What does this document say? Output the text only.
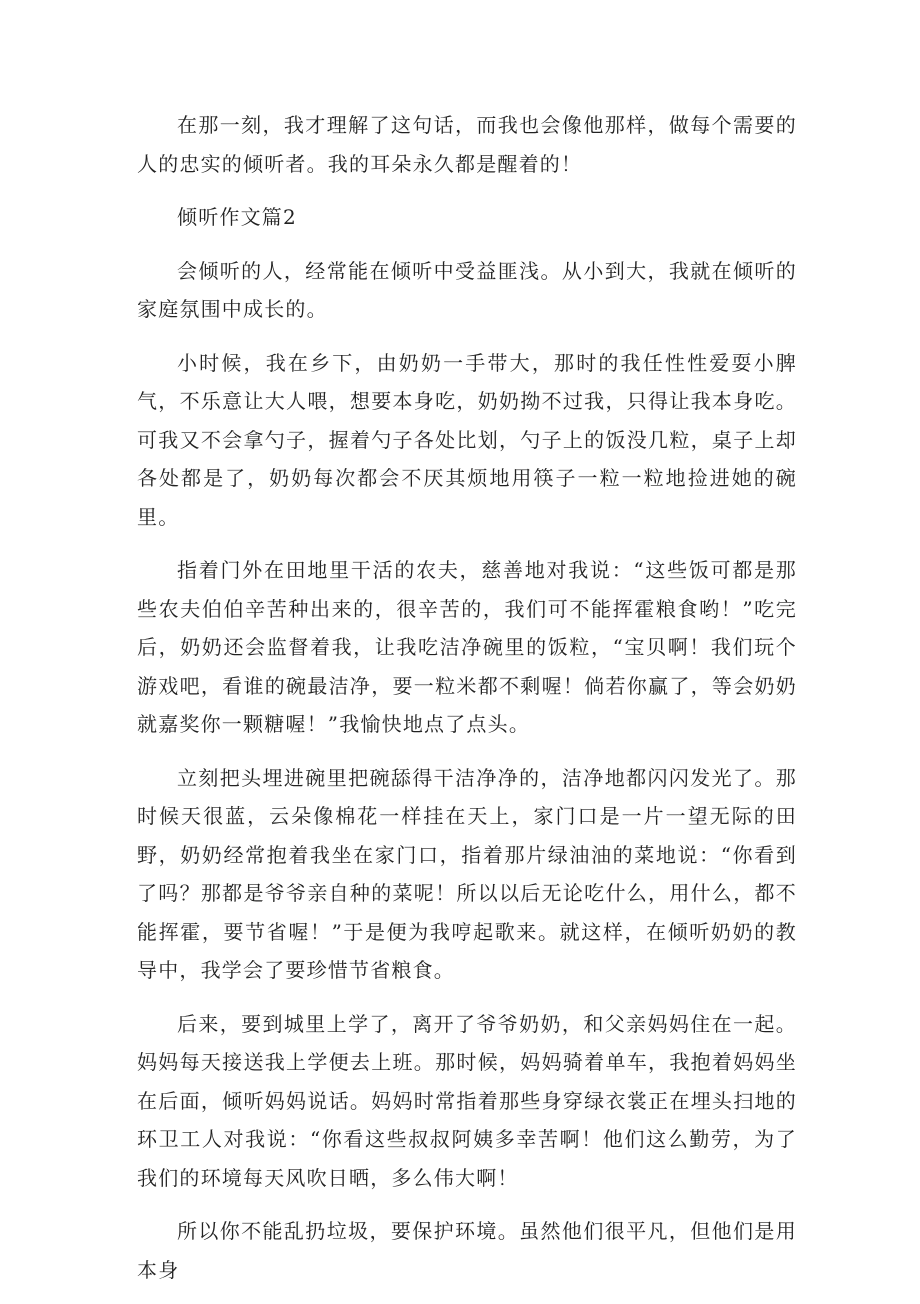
在那一刻，我才理解了这句话，而我也会像他那样，做每个需要的人的忠实的倾听者。我的耳朵永久都是醒着的！

倾听作文篇2

会倾听的人，经常能在倾听中受益匪浅。从小到大，我就在倾听的家庭氛围中成长的。

小时候，我在乡下，由奶奶一手带大，那时的我任性性爱耍小脾气，不乐意让大人喂，想要本身吃，奶奶拗不过我，只得让我本身吃。可我又不会拿勺子，握着勺子各处比划，勺子上的饭没几粒，桌子上却各处都是了，奶奶每次都会不厌其烦地用筷子一粒一粒地捡进她的碗里。

指着门外在田地里干活的农夫，慈善地对我说：“这些饭可都是那些农夫伯伯辛苦种出来的，很辛苦的，我们可不能挥霍粮食哟！”吃完后，奶奶还会监督着我，让我吃洁净碗里的饭粒，“宝贝啊！我们玩个游戏吧，看谁的碗最洁净，要一粒米都不剩喔！倘若你赢了，等会奶奶就嘉奖你一颗糖喔！”我愉快地点了点头。

立刻把头埋进碗里把碗舔得干洁净净的，洁净地都闪闪发光了。那时候天很蓝，云朵像棉花一样挂在天上，家门口是一片一望无际的田野，奶奶经常抱着我坐在家门口，指着那片绿油油的菜地说：“你看到了吗？那都是爷爷亲自种的菜呢！所以以后无论吃什么，用什么，都不能挥霍，要节省喔！”于是便为我哼起歌来。就这样，在倾听奶奶的教导中，我学会了要珍惜节省粮食。

后来，要到城里上学了，离开了爷爷奶奶，和父亲妈妈住在一起。妈妈每天接送我上学便去上班。那时候，妈妈骑着单车，我抱着妈妈坐在后面，倾听妈妈说话。妈妈时常指着那些身穿绿衣裳正在埋头扫地的环卫工人对我说：“你看这些叔叔阿姨多幸苦啊！他们这么勤劳，为了我们的环境每天风吹日晒，多么伟大啊！

所以你不能乱扔垃圾，要保护环境。虽然他们很平凡，但他们是用本身
